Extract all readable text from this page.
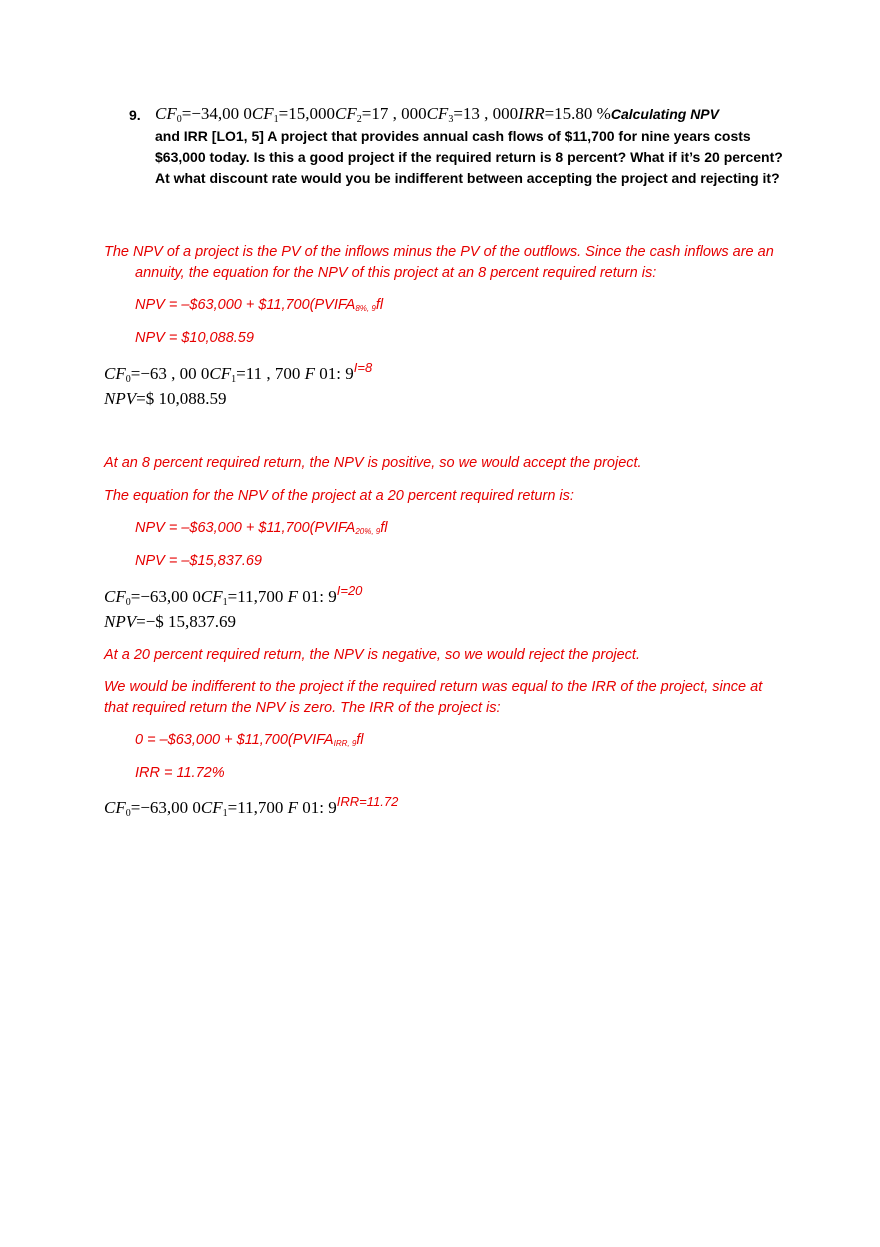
9. $CF_0=-34,00$ $0CF_1=15,000CF_2=17$ , $000CF_3=13$ , 000IRR=15.80 %Calculating NPV
and IRR [LO1, 5] A project that provides annual cash flows of $11,700 for nine years costs $63,000 today. Is this a good project if the required return is 8 percent? What if it’s 20 percent? At what discount rate would you be indifferent between accepting the project and rejecting it?
The NPV of a project is the PV of the inflows minus the PV of the outflows. Since the cash inflows are an
annuity, the equation for the NPV of this project at an 8 percent required return is:
NPV = –$63,000 + $\$11,700(PVIFA_{8\%, 9}fl$
NPV = $10,088.59
$CF_0=-63$ , 00 $0CF_1=11$ , 700 F 01: $9^{I=8}$
NPV=$ 10,088.59
At an 8 percent required return, the NPV is positive, so we would accept the project.
The equation for the NPV of the project at a 20 percent required return is:
NPV = –$63,000 + $\$11,700(PVIFA_{20\%, 9}fl$
NPV = –$15,837.69
$CF_0=-63,00$ $0CF_1=11,700$ F 01: $9^{I=20}$
NPV=−$ 15,837.69
At a 20 percent required return, the NPV is negative, so we would reject the project.
We would be indifferent to the project if the required return was equal to the IRR of the project, since at
that required return the NPV is zero. The IRR of the project is:
0 = –$63,000 + $\$11,700(PVIFA_{IRR, 9}fl$
IRR = 11.72%
$CF_0=-63,00$ $0CF_1=11,700$ F 01: $9^{IRR=11.72}$
